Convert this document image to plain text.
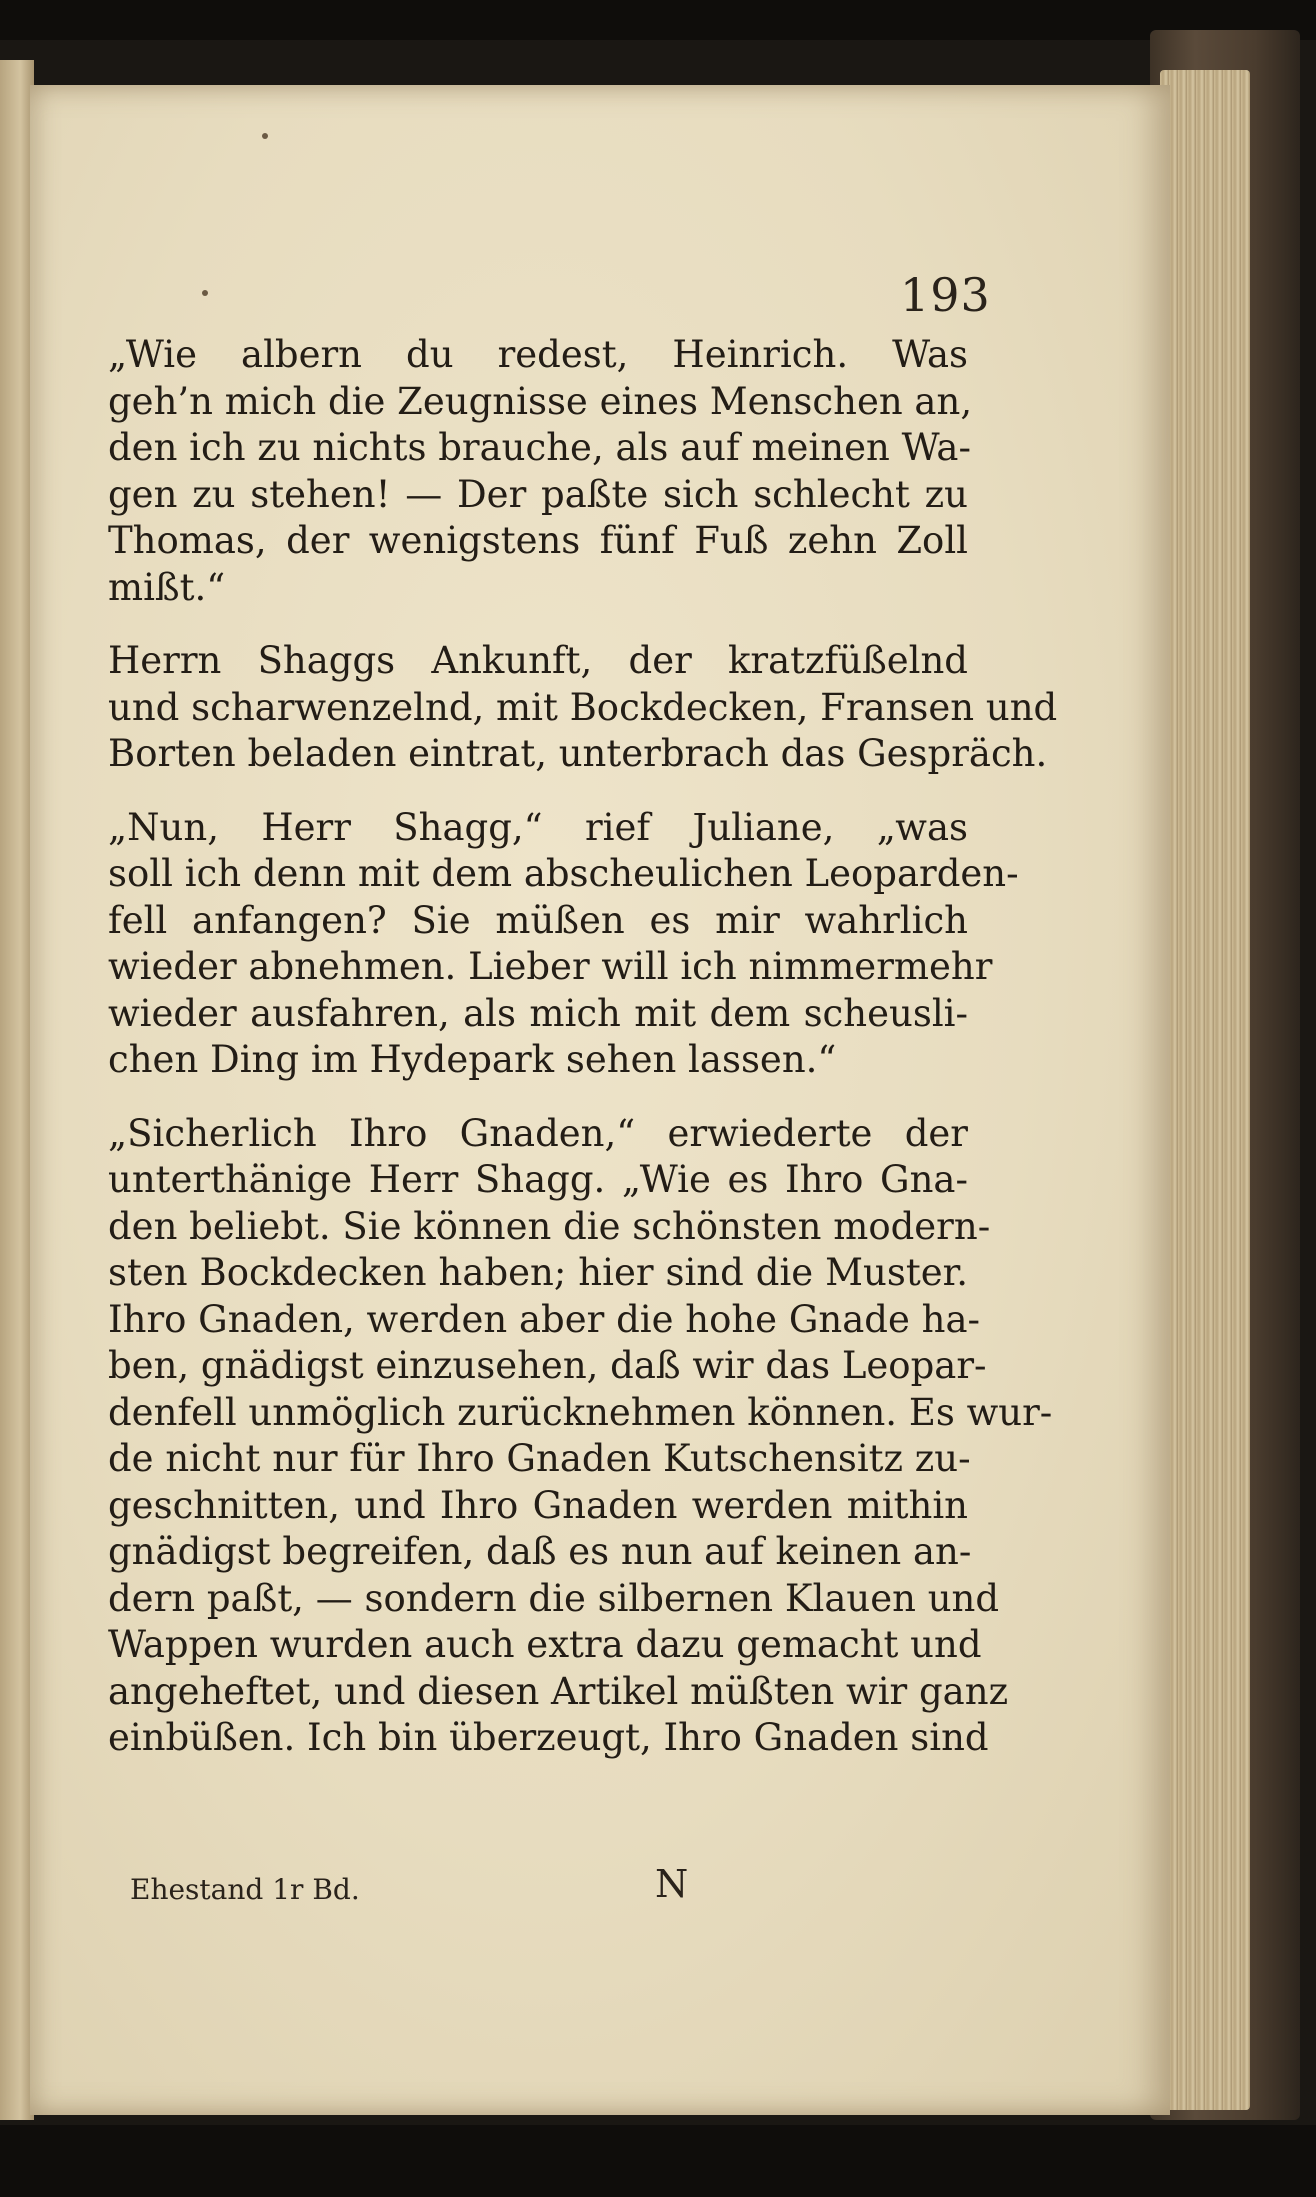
193

„Wie albern du redest, Heinrich. Was
geh’n mich die Zeugnisse eines Menschen an,
den ich zu nichts brauche, als auf meinen Wa-
gen zu stehen! — Der paßte sich schlecht zu
Thomas, der wenigstens fünf Fuß zehn Zoll
mißt.“

Herrn Shaggs Ankunft, der kratzfüßelnd
und scharwenzelnd, mit Bockdecken, Fransen und
Borten beladen eintrat, unterbrach das Gespräch.

„Nun, Herr Shagg,“ rief Juliane, „was
soll ich denn mit dem abscheulichen Leoparden-
fell anfangen? Sie müßen es mir wahrlich
wieder abnehmen. Lieber will ich nimmermehr
wieder ausfahren, als mich mit dem scheusli-
chen Ding im Hydepark sehen lassen.“

„Sicherlich Ihro Gnaden,“ erwiederte der
unterthänige Herr Shagg. „Wie es Ihro Gna-
den beliebt. Sie können die schönsten modern-
sten Bockdecken haben; hier sind die Muster.
Ihro Gnaden, werden aber die hohe Gnade ha-
ben, gnädigst einzusehen, daß wir das Leopar-
denfell unmöglich zurücknehmen können. Es wur-
de nicht nur für Ihro Gnaden Kutschensitz zu-
geschnitten, und Ihro Gnaden werden mithin
gnädigst begreifen, daß es nun auf keinen an-
dern paßt, — sondern die silbernen Klauen und
Wappen wurden auch extra dazu gemacht und
angeheftet, und diesen Artikel müßten wir ganz
einbüßen. Ich bin überzeugt, Ihro Gnaden sind

Ehestand 1r Bd.	N
